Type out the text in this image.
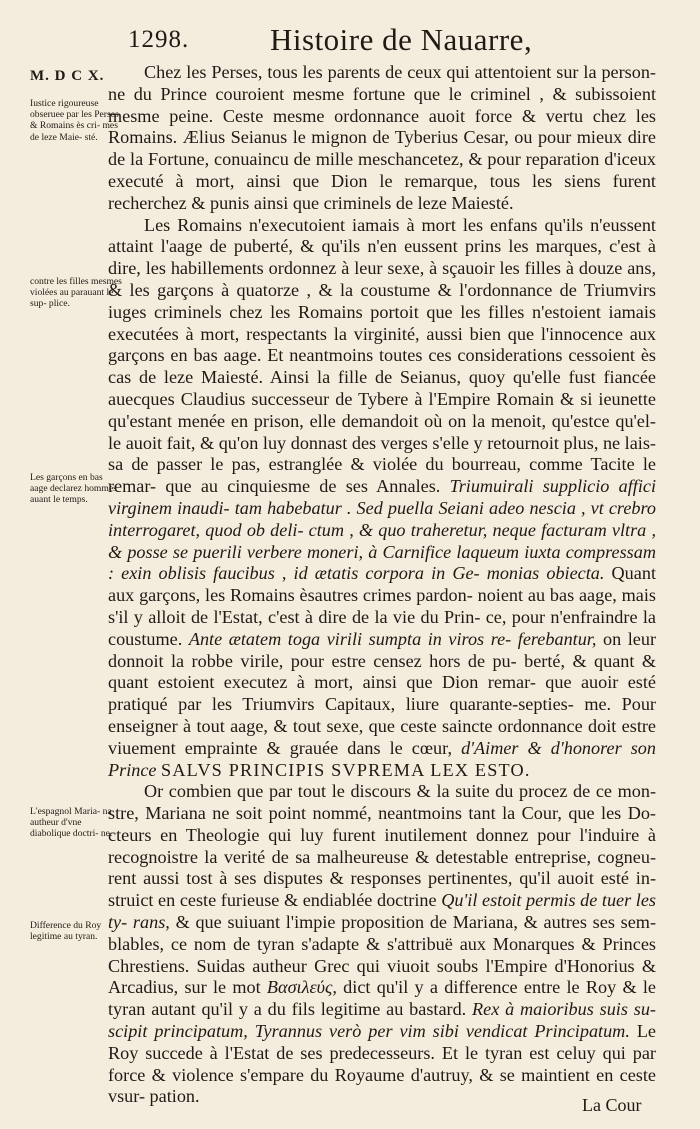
1298.	Histoire de Nauarre,
M. D C X.
Iustice rigoureuse obseruee par les Perses, & Romains ès cri- mes de leze Maie- sté.
contre les filles mesmes violées au parauant le sup- plice.
Les garçons en bas aage declarez hommes auant le temps.
L'espagnol Maria- na autheur d'vne diabolique doctri- ne.
Difference du Roy legitime au tyran.

Chez les Perses, tous les parents de ceux qui attentoient sur la person- ne du Prince couroient mesme fortune que le criminel , & subissoient mesme peine. Ceste mesme ordonnance auoit force & vertu chez les Romains. Ælius Seianus le mignon de Tyberius Cesar, ou pour mieux dire de la Fortune, conuaincu de mille meschancetez, & pour reparation d'iceux executé à mort, ainsi que Dion le remarque, tous les siens furent recherchez & punis ainsi que criminels de leze Maiesté.

Les Romains n'executoient iamais à mort les enfans qu'ils n'eussent attaint l'aage de puberté, & qu'ils n'en eussent prins les marques, c'est à dire, les habillements ordonnez à leur sexe, à sçauoir les filles à douze ans, & les garçons à quatorze , & la coustume & l'ordonnance de Triumvirs iuges criminels chez les Romains portoit que les filles n'estoient iamais executées à mort, respectants la virginité, aussi bien que l'innocence aux garçons en bas aage. Et neantmoins toutes ces considerations cessoient ès cas de leze Maiesté. Ainsi la fille de Seianus, quoy qu'elle fust fiancée auecques Claudius successeur de Tybere à l'Empire Romain & si ieunette qu'estant menée en prison, elle demandoit où on la menoit, qu'estce qu'el- le auoit fait, & qu'on luy donnast des verges s'elle y retournoit plus, ne lais- sa de passer le pas, estranglée & violée du bourreau, comme Tacite le remar- que au cinquiesme de ses Annales. Triumuirali supplicio affici virginem inaudi- tam habebatur . Sed puella Seiani adeo nescia , vt crebro interrogaret, quod ob deli- ctum , & quo traheretur, neque facturam vltra , & posse se puerili verbere moneri, à Carnifice laqueum iuxta compressam : exin oblisis faucibus , id ætatis corpora in Ge- monias obiecta. Quant aux garçons, les Romains èsautres crimes pardon- noient au bas aage, mais s'il y alloit de l'Estat, c'est à dire de la vie du Prin- ce, pour n'enfraindre la coustume. Ante ætatem toga virili sumpta in viros re- ferebantur, on leur donnoit la robbe virile, pour estre censez hors de pu- berté, & quant & quant estoient executez à mort, ainsi que Dion remar- que auoir esté pratiqué par les Triumvirs Capitaux, liure quarante-septies- me. Pour enseigner à tout aage, & tout sexe, que ceste saincte ordonnance doit estre viuement emprainte & grauée dans le cœur, d'Aimer & d'honorer son Prince SALVS PRINCIPIS SVPREMA LEX ESTO.

Or combien que par tout le discours & la suite du procez de ce mon- stre, Mariana ne soit point nommé, neantmoins tant la Cour, que les Do- cteurs en Theologie qui luy furent inutilement donnez pour l'induire à recognoistre la verité de sa malheureuse & detestable entreprise, cogneu- rent aussi tost à ses disputes & responses pertinentes, qu'il auoit esté in- struict en ceste furieuse & endiablée doctrine Qu'il estoit permis de tuer les ty- rans, & que suiuant l'impie proposition de Mariana, & autres ses sem- blables, ce nom de tyran s'adapte & s'attribuë aux Monarques & Princes Chrestiens. Suidas autheur Grec qui viuoit soubs l'Empire d'Honorius & Arcadius, sur le mot Βασιλεύς, dict qu'il y a difference entre le Roy & le tyran autant qu'il y a du fils legitime au bastard. Rex à maioribus suis su- scipit principatum, Tyrannus verò per vim sibi vendicat Principatum. Le Roy succede à l'Estat de ses predecesseurs. Et le tyran est celuy qui par force & violence s'empare du Royaume d'autruy, & se maintient en ceste vsur- pation.	La Cour
